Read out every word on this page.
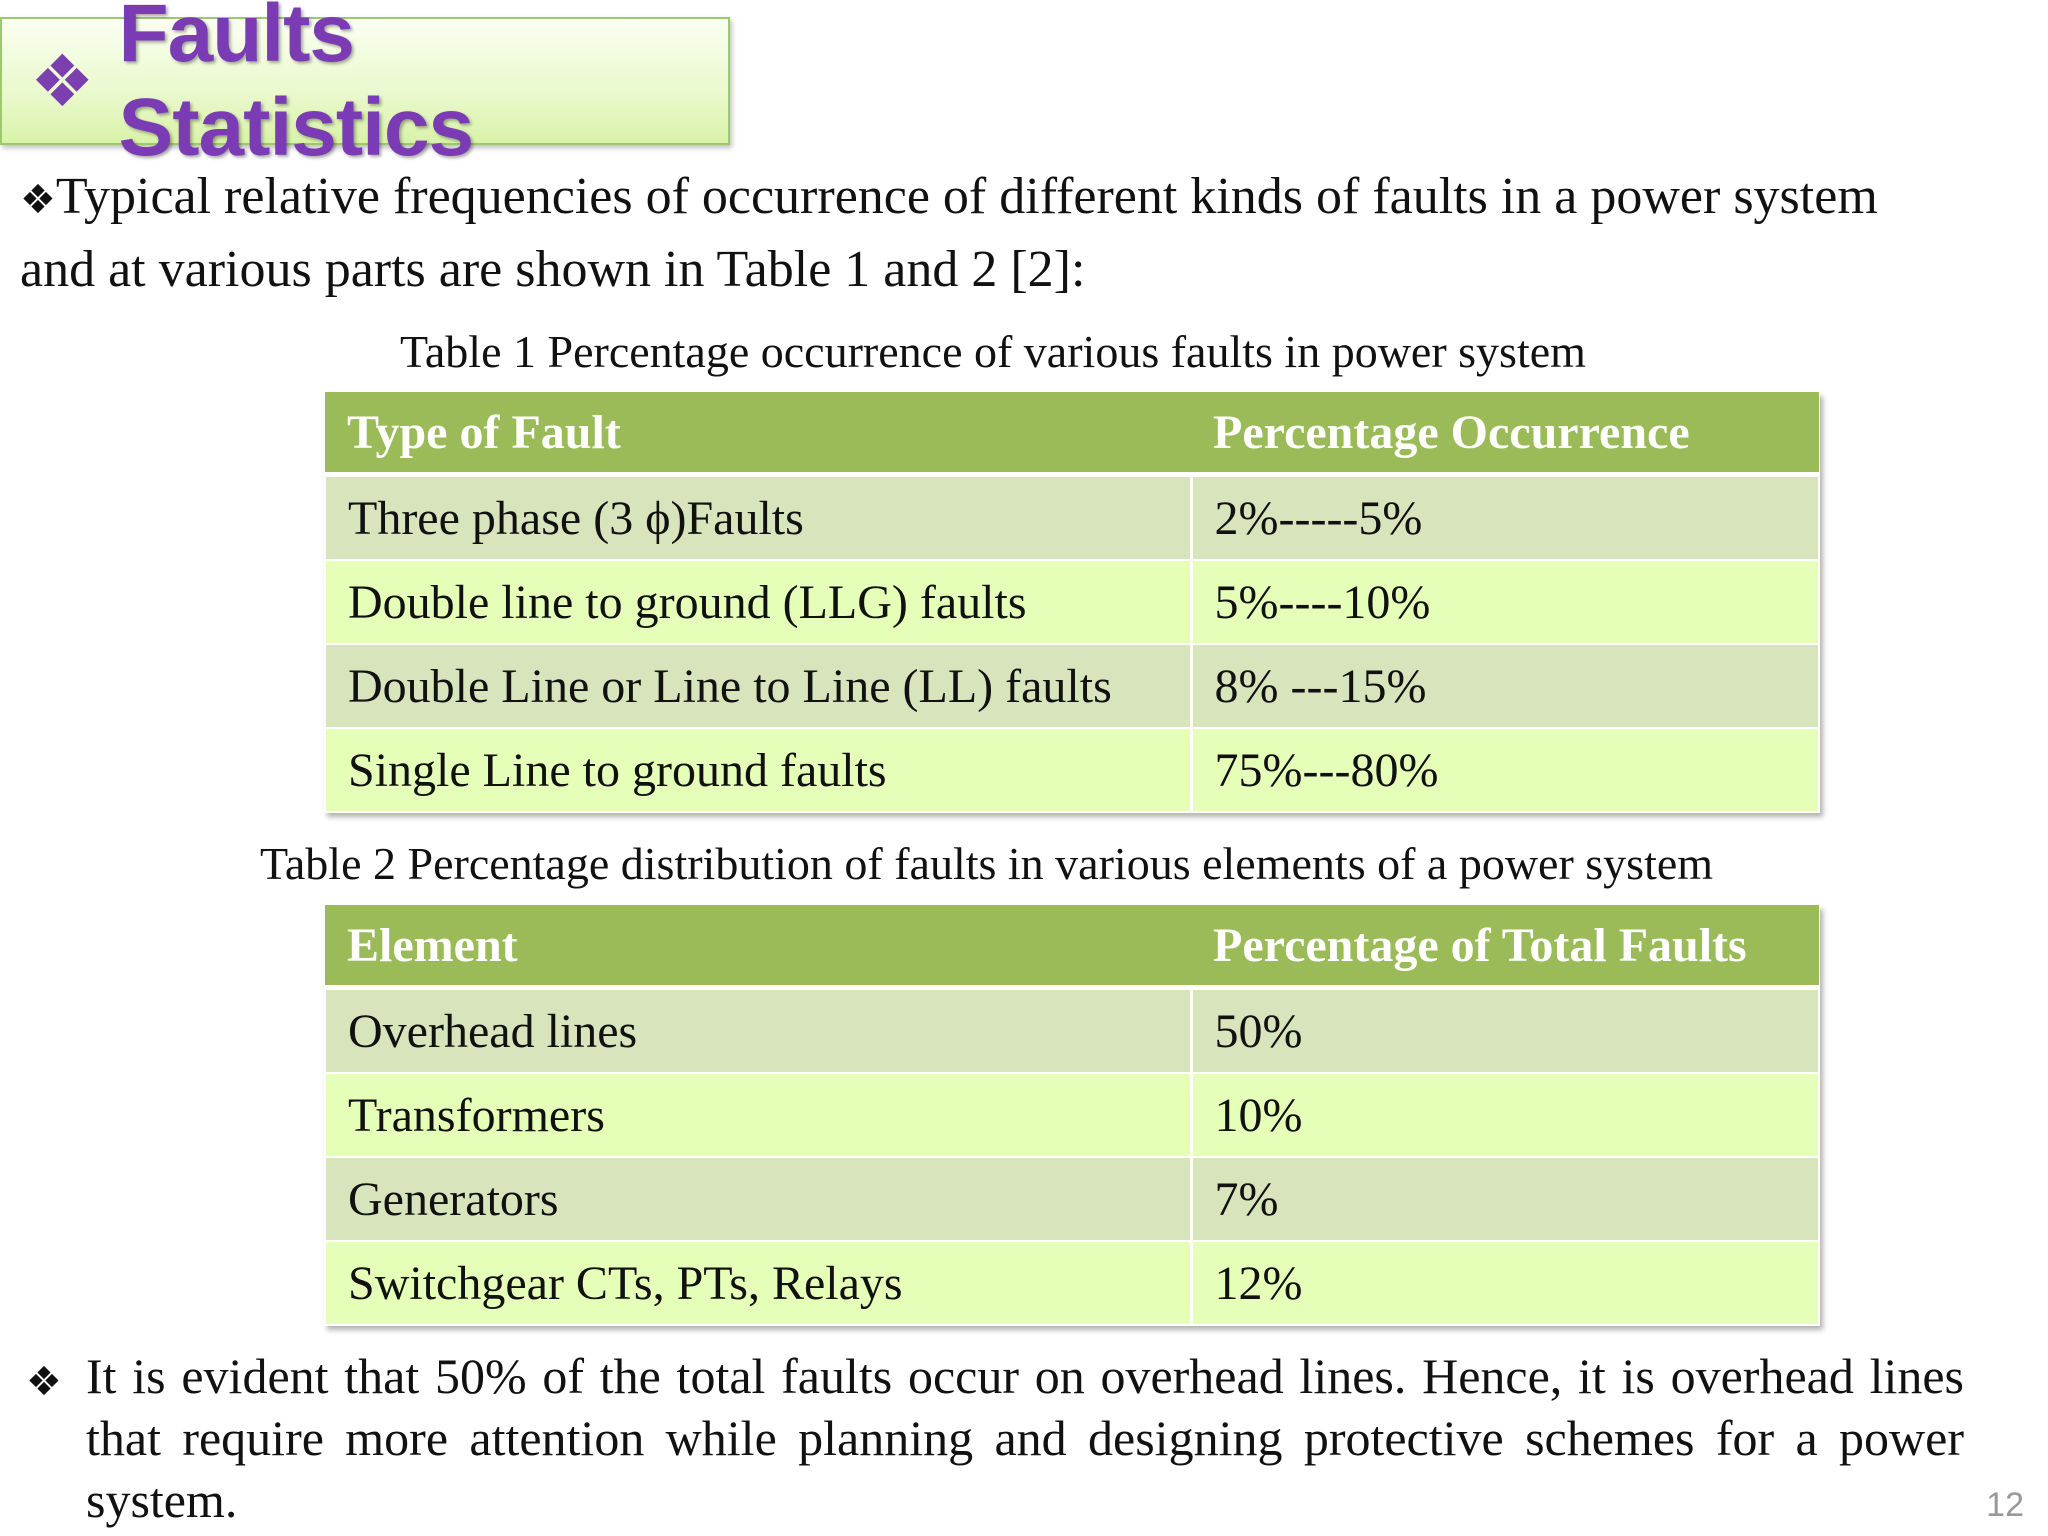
❖
Faults Statistics
❖Typical relative frequencies of occurrence of different kinds of faults in a power system and at various parts are shown in Table 1 and 2 [2]:
Table 1 Percentage occurrence of various faults in power system
Type of Fault	Percentage Occurrence
Three phase (3 ϕ)Faults	2%-----5%
Double line to ground (LLG) faults	5%----10%
Double Line or Line to Line (LL) faults	8% ---15%
Single Line to ground faults	75%---80%
Table 2 Percentage distribution of faults in various elements of a power system
Element	Percentage of Total Faults
Overhead lines	50%
Transformers	10%
Generators	7%
Switchgear CTs, PTs, Relays	12%
❖ It is evident that 50% of the total faults occur on overhead lines. Hence, it is overhead lines that require more attention while planning and designing protective schemes for a power system.	12
